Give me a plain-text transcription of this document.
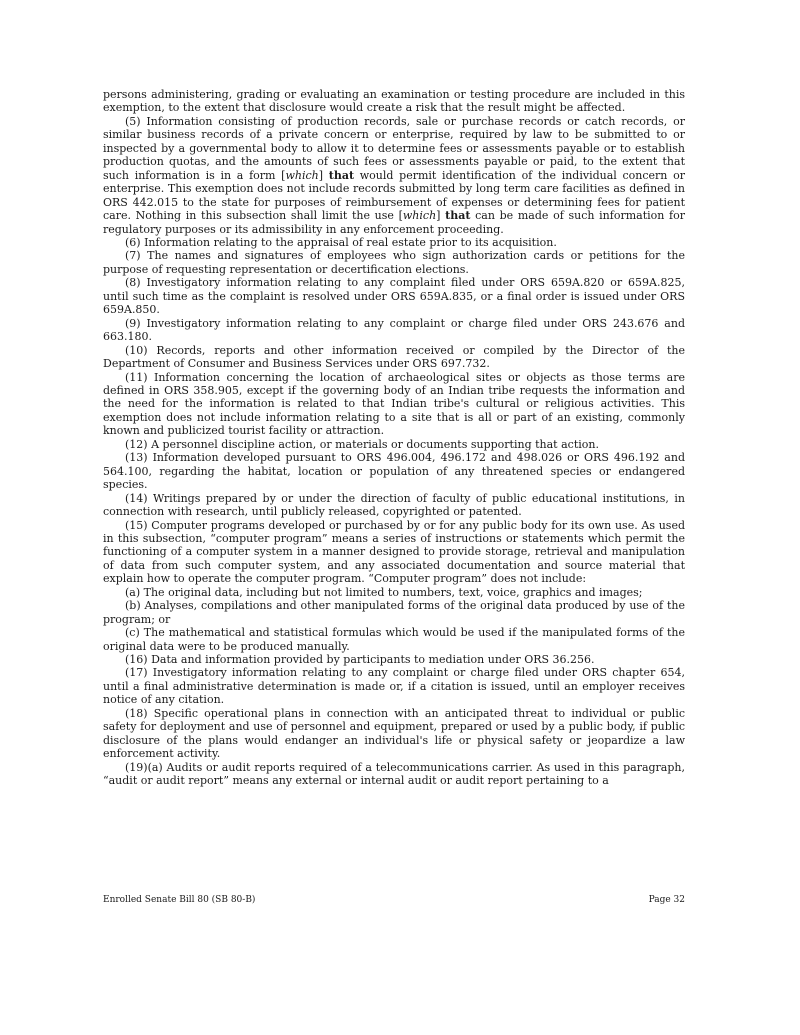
persons administering, grading or evaluating an examination or testing procedure are included in this exemption, to the extent that disclosure would create a risk that the result might be affected.

(5) Information consisting of production records, sale or purchase records or catch records, or similar business records of a private concern or enterprise, required by law to be submitted to or inspected by a governmental body to allow it to determine fees or assessments payable or to establish production quotas, and the amounts of such fees or assessments payable or paid, to the extent that such information is in a form [which] that would permit identification of the individual concern or enterprise. This exemption does not include records submitted by long term care facilities as defined in ORS 442.015 to the state for purposes of reimbursement of expenses or determining fees for patient care. Nothing in this subsection shall limit the use [which] that can be made of such information for regulatory purposes or its admissibility in any enforcement proceeding.

(6) Information relating to the appraisal of real estate prior to its acquisition.

(7) The names and signatures of employees who sign authorization cards or petitions for the purpose of requesting representation or decertification elections.

(8) Investigatory information relating to any complaint filed under ORS 659A.820 or 659A.825, until such time as the complaint is resolved under ORS 659A.835, or a final order is issued under ORS 659A.850.

(9) Investigatory information relating to any complaint or charge filed under ORS 243.676 and 663.180.

(10) Records, reports and other information received or compiled by the Director of the Department of Consumer and Business Services under ORS 697.732.

(11) Information concerning the location of archaeological sites or objects as those terms are defined in ORS 358.905, except if the governing body of an Indian tribe requests the information and the need for the information is related to that Indian tribe's cultural or religious activities. This exemption does not include information relating to a site that is all or part of an existing, commonly known and publicized tourist facility or attraction.

(12) A personnel discipline action, or materials or documents supporting that action.

(13) Information developed pursuant to ORS 496.004, 496.172 and 498.026 or ORS 496.192 and 564.100, regarding the habitat, location or population of any threatened species or endangered species.

(14) Writings prepared by or under the direction of faculty of public educational institutions, in connection with research, until publicly released, copyrighted or patented.

(15) Computer programs developed or purchased by or for any public body for its own use. As used in this subsection, “computer program” means a series of instructions or statements which permit the functioning of a computer system in a manner designed to provide storage, retrieval and manipulation of data from such computer system, and any associated documentation and source material that explain how to operate the computer program. “Computer program” does not include:

(a) The original data, including but not limited to numbers, text, voice, graphics and images;

(b) Analyses, compilations and other manipulated forms of the original data produced by use of the program; or

(c) The mathematical and statistical formulas which would be used if the manipulated forms of the original data were to be produced manually.

(16) Data and information provided by participants to mediation under ORS 36.256.

(17) Investigatory information relating to any complaint or charge filed under ORS chapter 654, until a final administrative determination is made or, if a citation is issued, until an employer receives notice of any citation.

(18) Specific operational plans in connection with an anticipated threat to individual or public safety for deployment and use of personnel and equipment, prepared or used by a public body, if public disclosure of the plans would endanger an individual's life or physical safety or jeopardize a law enforcement activity.

(19)(a) Audits or audit reports required of a telecommunications carrier. As used in this paragraph, “audit or audit report” means any external or internal audit or audit report pertaining to a

Enrolled Senate Bill 80 (SB 80-B)	Page 32
